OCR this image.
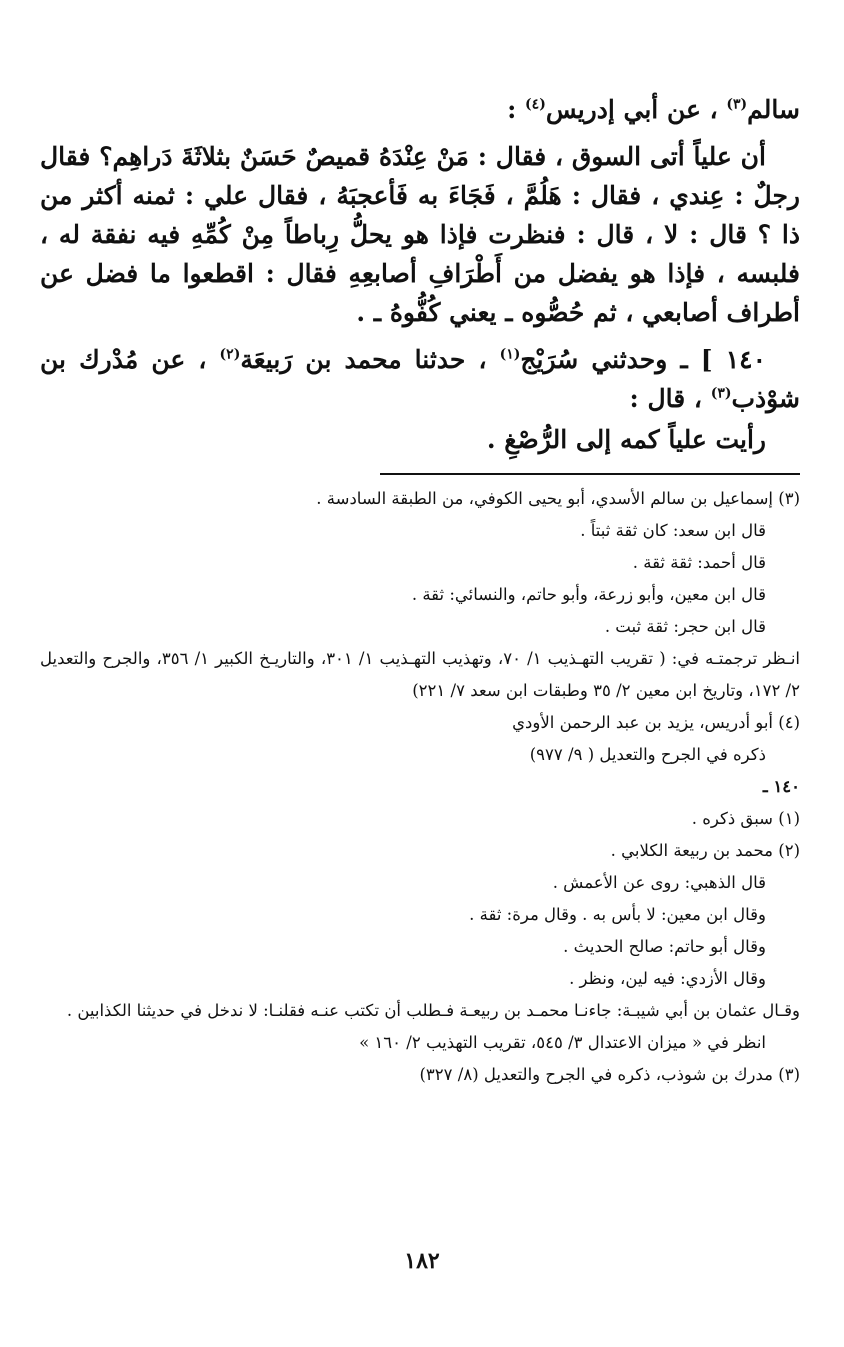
سالم$^{(٣)}$ ، عن أبي إدريس$^{(٤)}$ :

أن علياً أتى السوق ، فقال : مَنْ عِنْدَهُ قميصٌ حَسَنٌ بثلاثَةَ دَراهِم؟ فقال رجلٌ : عِندي ، فقال : هَلُمَّ ، فَجَاءَ به فَأعجبَهُ ، فقال علي : ثمنه أكثر من ذا ؟ قال : لا ، قال : فنظرت فإذا هو يحلُّ رِباطاً مِنْ كُمِّهِ فيه نفقة له ، فلبسه ، فإذا هو يفضل من أَطْرَافِ أصابعِهِ فقال : اقطعوا ما فضل عن أطراف أصابعي ، ثم حُصُّوه ـ يعني كُفُّوهُ ـ .

١٤٠ ] ـ وحدثني سُرَيْج$^{(١)}$ ، حدثنا محمد بن رَبيعَة$^{(٢)}$ ، عن مُدْرك بن شوْذب$^{(٣)}$ ، قال :

رأيت علياً كمه إلى الرُّصْغِ .

(٣) إسماعيل بن سالم الأسدي، أبو يحيى الكوفي، من الطبقة السادسة .

قال ابن سعد: كان ثقة ثبتاً .

قال أحمد: ثقة ثقة .

قال ابن معين، وأبو زرعة، وأبو حاتم، والنسائي: ثقة .

قال ابن حجر: ثقة ثبت .

انـظر ترجمتـه في: ( تقريب التهـذيب ١/ ٧٠، وتهذيب التهـذيب ١/ ٣٠١، والتاريـخ الكبير ١/ ٣٥٦، والجرح والتعديل ٢/ ١٧٢، وتاريخ ابن معين ٢/ ٣٥ وطبقات ابن سعد ٧/ ٢٢١)

(٤) أبو أدريس، يزيد بن عبد الرحمن الأودي

ذكره في الجرح والتعديل ( ٩/ ٩٧٧)

١٤٠ ـ

(١) سبق ذكره .

(٢) محمد بن ربيعة الكلابي .

قال الذهبي: روى عن الأعمش .

وقال ابن معين: لا بأس به . وقال مرة: ثقة .

وقال أبو حاتم: صالح الحديث .

وقال الأزدي: فيه لين، ونظر .

وقـال عثمان بن أبي شيبـة: جاءنـا محمـد بن ربيعـة فـطلب أن تكتب عنـه فقلنـا: لا ندخل في حديثنا الكذابين .

انظر في « ميزان الاعتدال ٣/ ٥٤٥، تقريب التهذيب ٢/ ١٦٠ »

(٣) مدرك بن شوذب، ذكره في الجرح والتعديل (٨/ ٣٢٧)

١٨٢
